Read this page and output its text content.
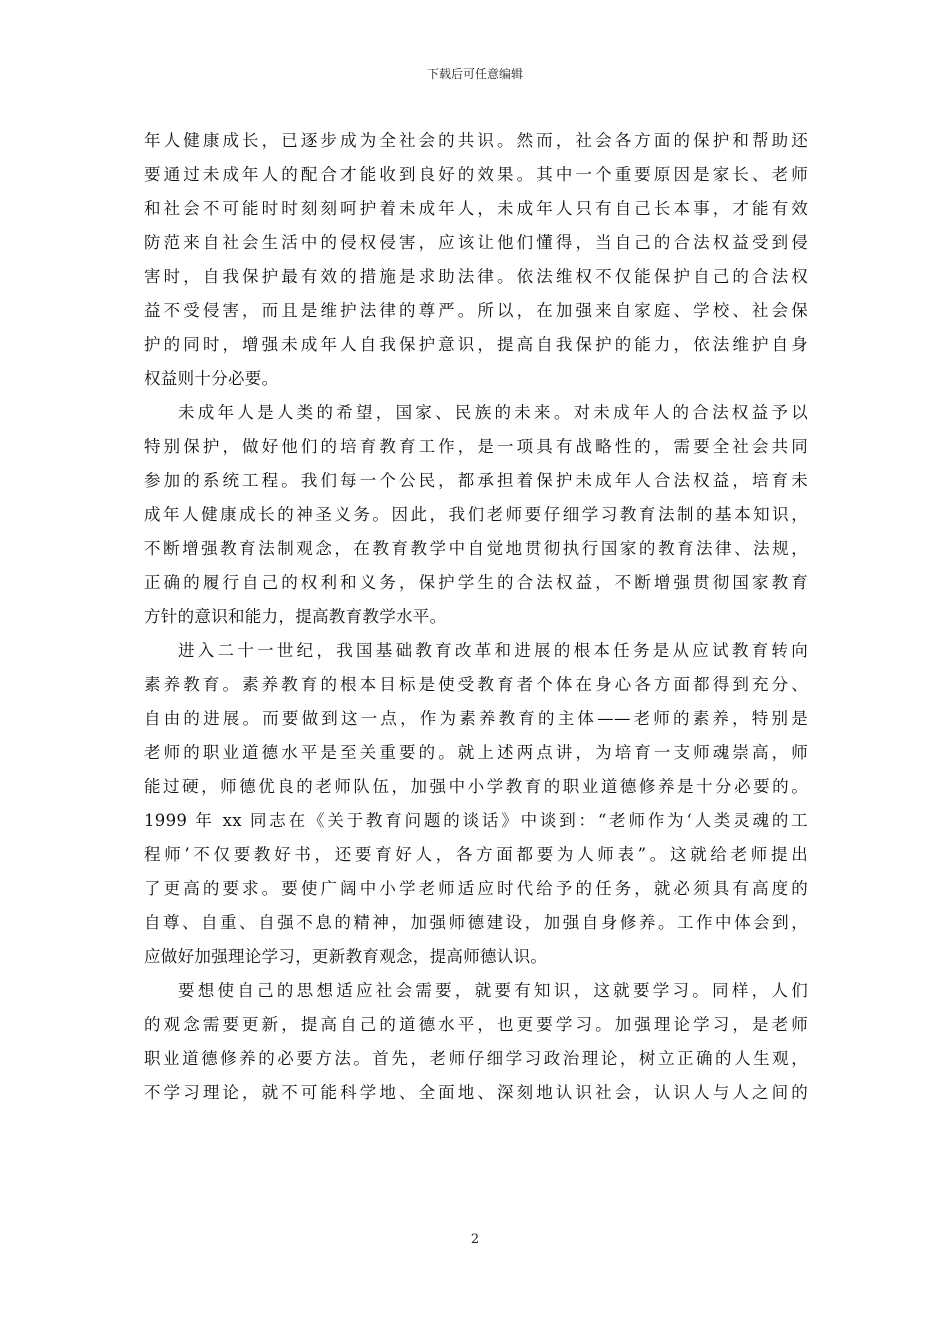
下载后可任意编辑
年人健康成长，已逐步成为全社会的共识。然而，社会各方面的保护和帮助还
要通过未成年人的配合才能收到良好的效果。其中一个重要原因是家长、老师
和社会不可能时时刻刻呵护着未成年人，未成年人只有自己长本事，才能有效
防范来自社会生活中的侵权侵害，应该让他们懂得，当自己的合法权益受到侵
害时，自我保护最有效的措施是求助法律。依法维权不仅能保护自己的合法权
益不受侵害，而且是维护法律的尊严。所以，在加强来自家庭、学校、社会保
护的同时，增强未成年人自我保护意识，提高自我保护的能力，依法维护自身
权益则十分必要。
未成年人是人类的希望，国家、民族的未来。对未成年人的合法权益予以
特别保护，做好他们的培育教育工作，是一项具有战略性的，需要全社会共同
参加的系统工程。我们每一个公民，都承担着保护未成年人合法权益，培育未
成年人健康成长的神圣义务。因此，我们老师要仔细学习教育法制的基本知识，
不断增强教育法制观念，在教育教学中自觉地贯彻执行国家的教育法律、法规，
正确的履行自己的权利和义务，保护学生的合法权益，不断增强贯彻国家教育
方针的意识和能力，提高教育教学水平。
进入二十一世纪，我国基础教育改革和进展的根本任务是从应试教育转向
素养教育。素养教育的根本目标是使受教育者个体在身心各方面都得到充分、
自由的进展。而要做到这一点，作为素养教育的主体——老师的素养，特别是
老师的职业道德水平是至关重要的。就上述两点讲，为培育一支师魂崇高，师
能过硬，师德优良的老师队伍，加强中小学教育的职业道德修养是十分必要的。
1999 年 xx 同志在《关于教育问题的谈话》中谈到：“老师作为‘人类灵魂的工
程师’不仅要教好书，还要育好人，各方面都要为人师表”。这就给老师提出
了更高的要求。要使广阔中小学老师适应时代给予的任务，就必须具有高度的
自尊、自重、自强不息的精神，加强师德建设，加强自身修养。工作中体会到，
应做好加强理论学习，更新教育观念，提高师德认识。
要想使自己的思想适应社会需要，就要有知识，这就要学习。同样，人们
的观念需要更新，提高自己的道德水平，也更要学习。加强理论学习，是老师
职业道德修养的必要方法。首先，老师仔细学习政治理论，树立正确的人生观，
不学习理论，就不可能科学地、全面地、深刻地认识社会，认识人与人之间的
2
